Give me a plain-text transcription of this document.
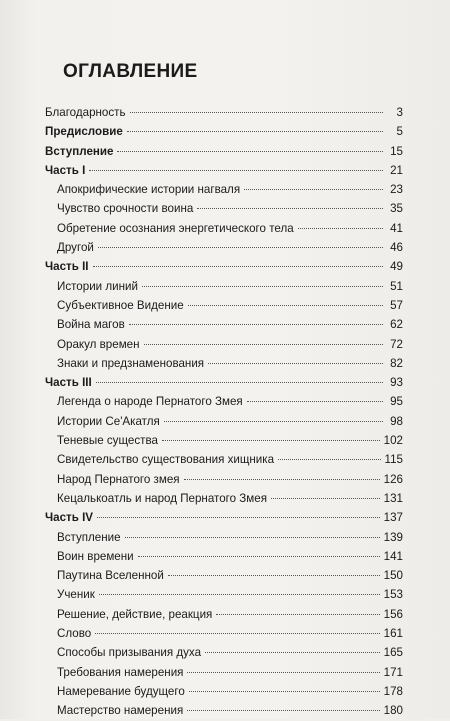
ОГЛАВЛЕНИЕ
Благодарность	3
Предисловие	5
Вступление	15
Часть I	21
Апокрифические истории нагваля	23
Чувство срочности воина	35
Обретение осознания энергетического тела	41
Другой	46
Часть II	49
Истории линий	51
Субъективное Видение	57
Война магов	62
Оракул времен	72
Знаки и предзнаменования	82
Часть III	93
Легенда о народе Пернатого Змея	95
Истории Се'Акатля	98
Теневые существа	102
Свидетельство существования хищника	115
Народ Пернатого змея	126
Кецалькоатль и народ Пернатого Змея	131
Часть IV	137
Вступление	139
Воин времени	141
Паутина Вселенной	150
Ученик	153
Решение, действие, реакция	156
Слово	161
Способы призывания духа	165
Требования намерения	171
Намеревание будущего	178
Мастерство намерения	180
